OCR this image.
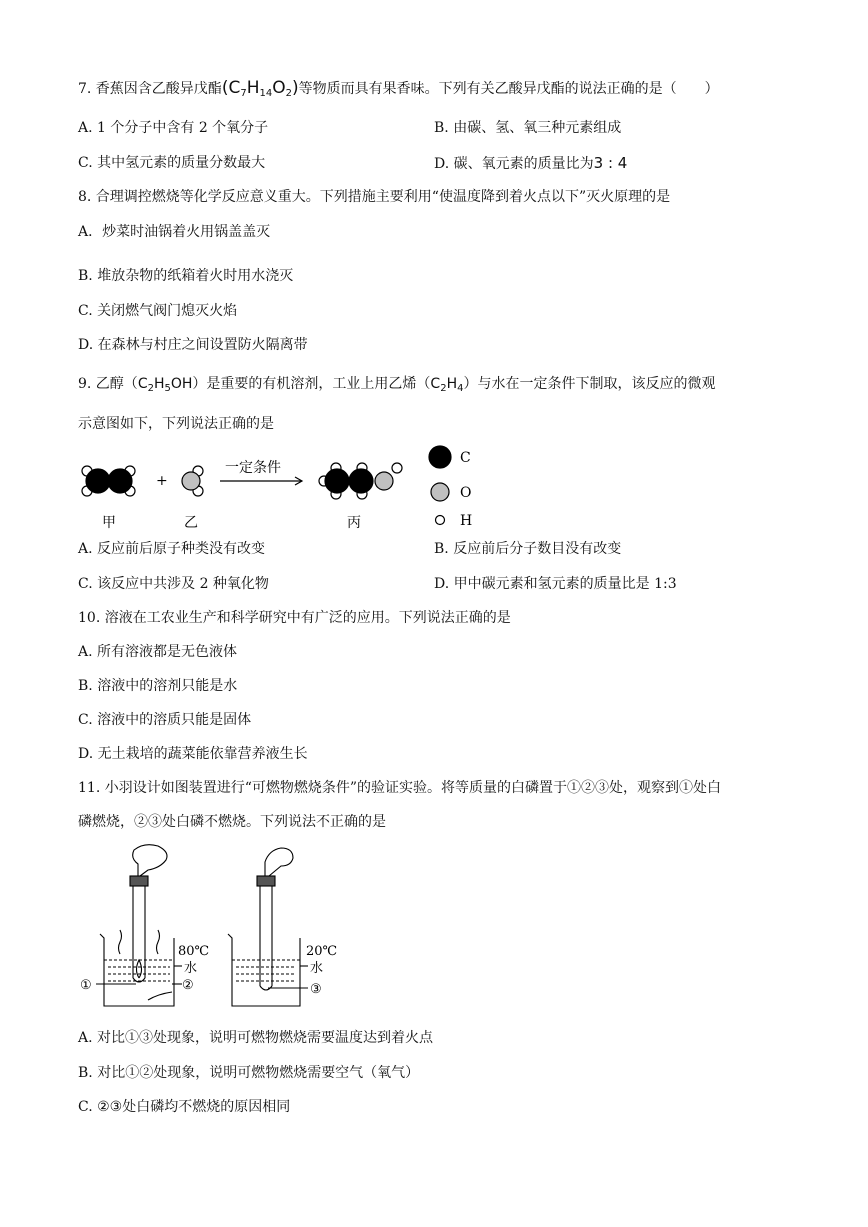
7. 香蕉因含乙酸异戊酯$(C_7H_{14}O_2)$等物质而具有果香味。下列有关乙酸异戊酯的说法正确的是（　　）
A. 1 个分子中含有 2 个氧分子	B. 由碳、氢、氧三种元素组成
C. 其中氢元素的质量分数最大	D. 碳、氧元素的质量比为3 : 4
8. 合理调控燃烧等化学反应意义重大。下列措施主要利用“使温度降到着火点以下”灭火原理的是
A．炒菜时油锅着火用锅盖盖灭
B. 堆放杂物的纸箱着火时用水浇灭
C. 关闭燃气阀门熄灭火焰
D. 在森林与村庄之间设置防火隔离带
9. 乙醇$(C_2H_5OH)$是重要的有机溶剂，工业上用乙烯$(C_2H_4)$与水在一定条件下制取，该反应的微观
示意图如下，下列说法正确的是
+
一定条件
甲	乙	丙
C
O
H
A. 反应前后原子种类没有改变	B. 反应前后分子数目没有改变
C. 该反应中共涉及 2 种氧化物	D. 甲中碳元素和氢元素的质量比是 1:3
10. 溶液在工农业生产和科学研究中有广泛的应用。下列说法正确的是
A. 所有溶液都是无色液体
B. 溶液中的溶剂只能是水
C. 溶液中的溶质只能是固体
D. 无土栽培的蔬菜能依靠营养液生长
11. 小羽设计如图装置进行“可燃物燃烧条件”的验证实验。将等质量的白磷置于①②③处，观察到①处白
磷燃烧，②③处白磷不燃烧。下列说法不正确的是
80℃
水
①	②
20℃
水
③
A. 对比①③处现象，说明可燃物燃烧需要温度达到着火点
B. 对比①②处现象，说明可燃物燃烧需要空气（氧气）
C. ②③处白磷均不燃烧的原因相同
